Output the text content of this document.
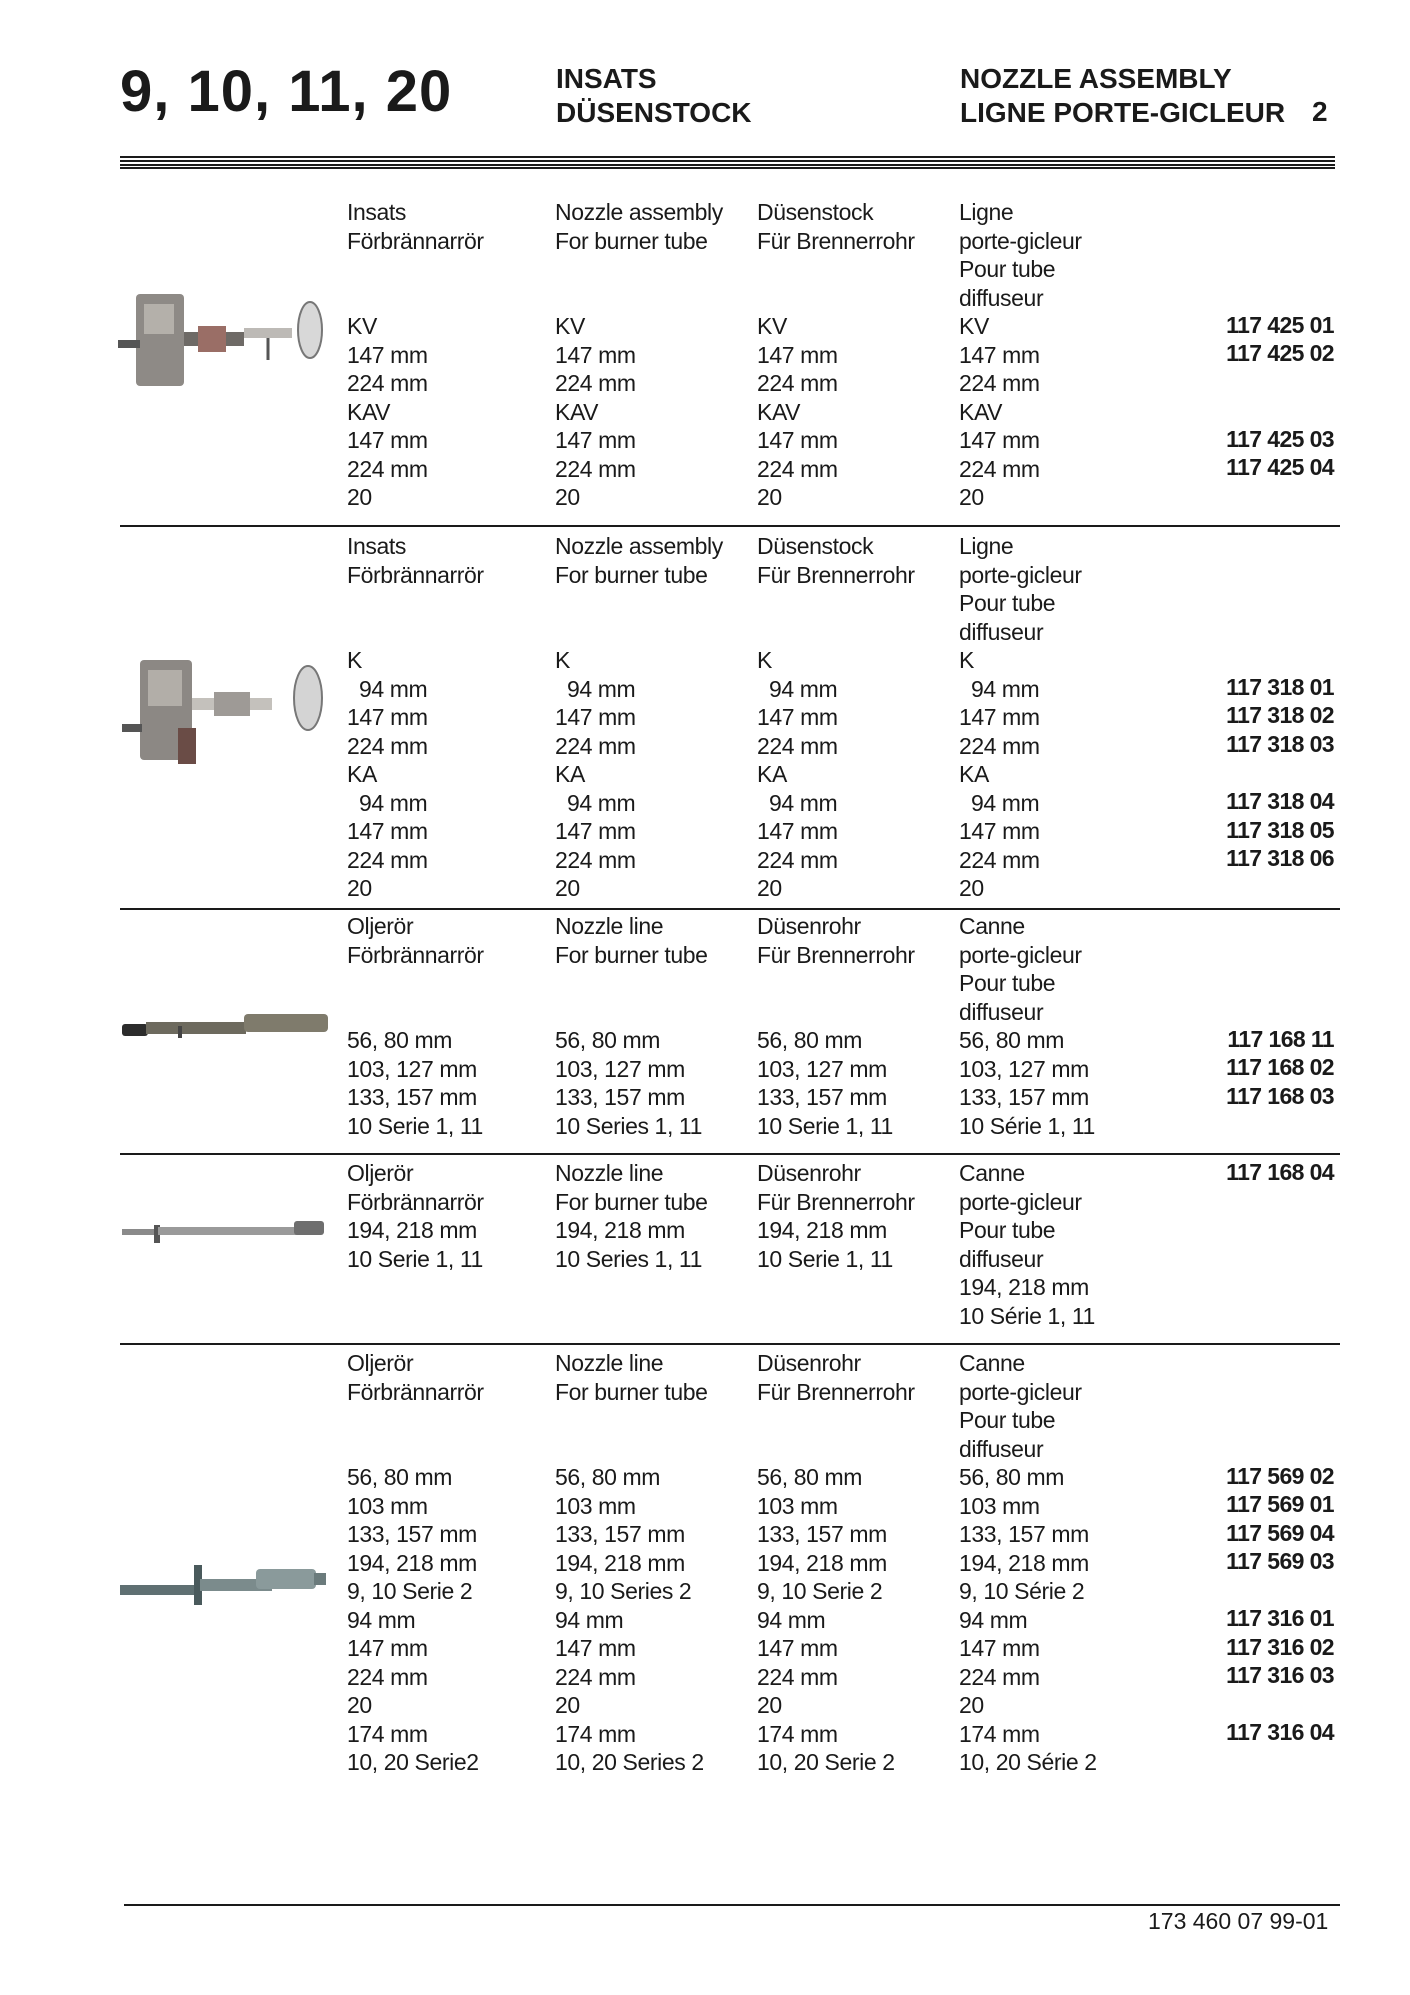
9, 10, 11, 20	INSATS
DÜSENSTOCK
NOZZLE ASSEMBLY
LIGNE PORTE-GICLEUR 2
Insats
Förbrännarrör
KV
147 mm
224 mm
KAV
147 mm
224 mm
20
Nozzle assembly
For burner tube
KV
147 mm
224 mm
KAV
147 mm
224 mm
20
Düsenstock
Für Brennerrohr
KV
147 mm
224 mm
KAV
147 mm
224 mm
20
Ligne
porte-gicleur
Pour tube
diffuseur
KV
147 mm
224 mm
KAV
147 mm
224 mm
20
117 425 01
117 425 02
117 425 03
117 425 04
Insats
Förbrännarrör
K
94 mm
147 mm
224 mm
KA
94 mm
147 mm
224 mm
20
Nozzle assembly
For burner tube
K
94 mm
147 mm
224 mm
KA
94 mm
147 mm
224 mm
20
Düsenstock
Für Brennerrohr
K
94 mm
147 mm
224 mm
KA
94 mm
147 mm
224 mm
20
Ligne
porte-gicleur
Pour tube
diffuseur
K
94 mm
147 mm
224 mm
KA
94 mm
147 mm
224 mm
20
117 318 01
117 318 02
117 318 03
117 318 04
117 318 05
117 318 06
Oljerör
Förbrännarrör
56, 80 mm
103, 127 mm
133, 157 mm
10 Serie 1, 11
Nozzle line
For burner tube
56, 80 mm
103, 127 mm
133, 157 mm
10 Series 1, 11
Düsenrohr
Für Brennerrohr
56, 80 mm
103, 127 mm
133, 157 mm
10 Serie 1, 11
Canne
porte-gicleur
Pour tube
diffuseur
56, 80 mm
103, 127 mm
133, 157 mm
10 Série 1, 11
117 168 11
117 168 02
117 168 03
Oljerör
Förbrännarrör
194, 218 mm
10 Serie 1, 11
Nozzle line
For burner tube
194, 218 mm
10 Series 1, 11
Düsenrohr
Für Brennerrohr
194, 218 mm
10 Serie 1, 11
Canne
porte-gicleur
Pour tube
diffuseur
194, 218 mm
10 Série 1, 11
117 168 04
Oljerör
Förbrännarrör
56, 80 mm
103 mm
133, 157 mm
194, 218 mm
9, 10 Serie 2
94 mm
147 mm
224 mm
20
174 mm
10, 20 Serie2
Nozzle line
For burner tube
56, 80 mm
103 mm
133, 157 mm
194, 218 mm
9, 10 Series 2
94 mm
147 mm
224 mm
20
174 mm
10, 20 Series 2
Düsenrohr
Für Brennerrohr
56, 80 mm
103 mm
133, 157 mm
194, 218 mm
9, 10 Serie 2
94 mm
147 mm
224 mm
20
174 mm
10, 20 Serie 2
Canne
porte-gicleur
Pour tube
diffuseur
56, 80 mm
103 mm
133, 157 mm
194, 218 mm
9, 10 Série 2
94 mm
147 mm
224 mm
20
174 mm
10, 20 Série 2
117 569 02
117 569 01
117 569 04
117 569 03
117 316 01
117 316 02
117 316 03
117 316 04
173 460 07 99-01
